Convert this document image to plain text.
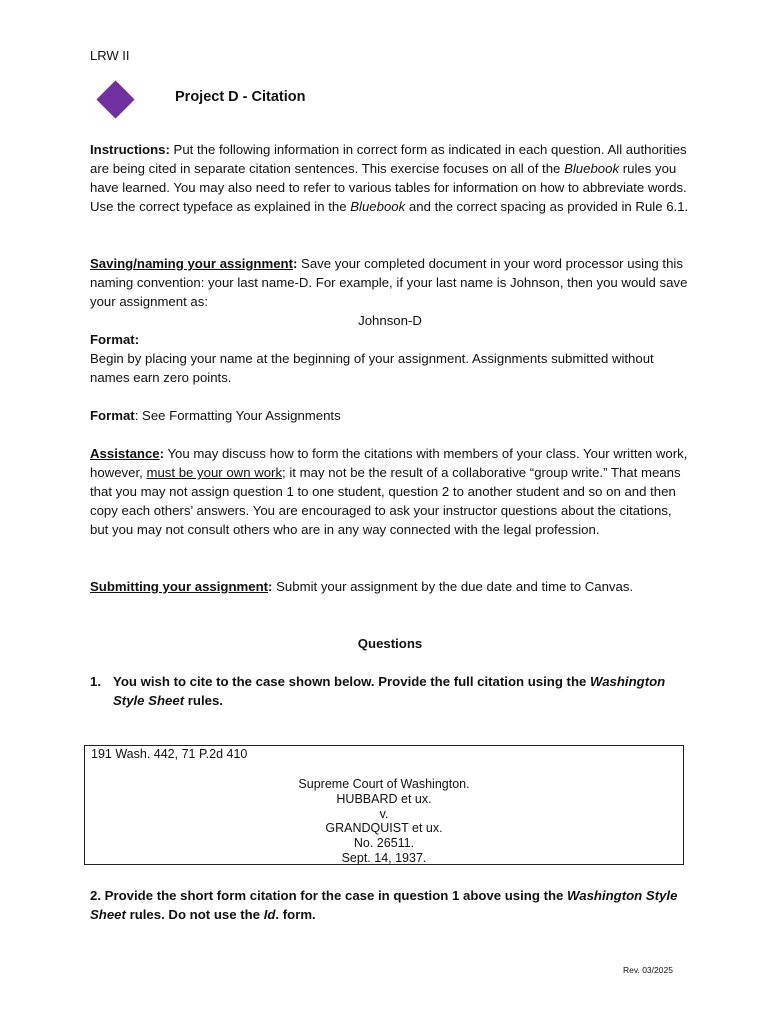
LRW II
Project D - Citation

Instructions: Put the following information in correct form as indicated in each question. All authorities are being cited in separate citation sentences. This exercise focuses on all of the Bluebook rules you have learned. You may also need to refer to various tables for information on how to abbreviate words. Use the correct typeface as explained in the Bluebook and the correct spacing as provided in Rule 6.1.

Saving/naming your assignment: Save your completed document in your word processor using this naming convention: your last name-D. For example, if your last name is Johnson, then you would save your assignment as:

Johnson-D
Format:

Begin by placing your name at the beginning of your assignment. Assignments submitted without names earn zero points.

Format: See Formatting Your Assignments

Assistance: You may discuss how to form the citations with members of your class. Your written work, however, must be your own work; it may not be the result of a collaborative “group write.” That means that you may not assign question 1 to one student, question 2 to another student and so on and then copy each others’ answers. You are encouraged to ask your instructor questions about the citations, but you may not consult others who are in any way connected with the legal profession.

Submitting your assignment: Submit your assignment by the due date and time to Canvas.

Questions
1. You wish to cite to the case shown below. Provide the full citation using the Washington Style Sheet rules.
191 Wash. 442, 71 P.2d 410
Supreme Court of Washington.
HUBBARD et ux.
v.
GRANDQUIST et ux.
No. 26511.
Sept. 14, 1937.

2. Provide the short form citation for the case in question 1 above using the Washington Style Sheet rules. Do not use the Id. form.

Rev. 03/2025
